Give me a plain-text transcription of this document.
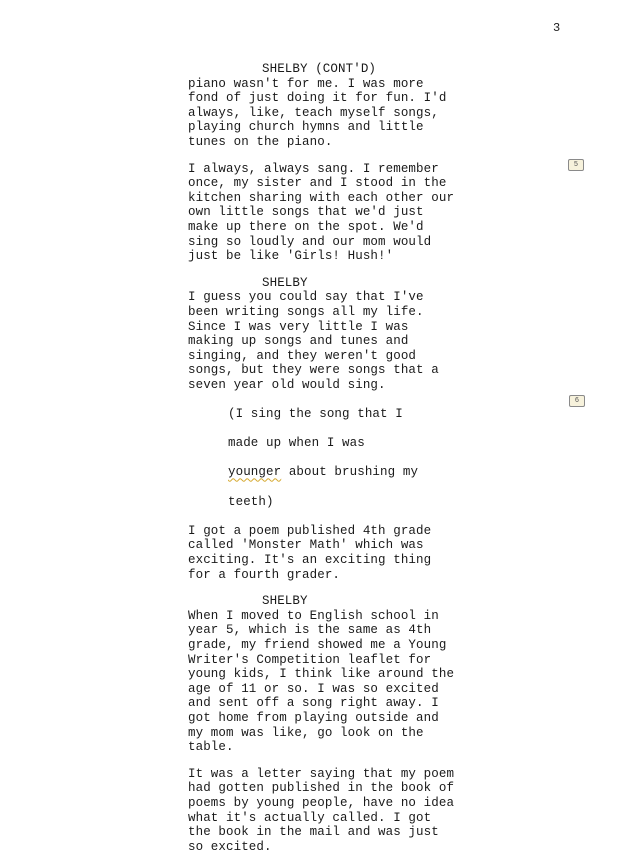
3
5
6
SHELBY (CONT'D)
piano wasn't for me. I was more
fond of just doing it for fun. I'd
always, like, teach myself songs,
playing church hymns and little
tunes on the piano.
I always, always sang. I remember
once, my sister and I stood in the
kitchen sharing with each other our
own little songs that we'd just
make up there on the spot. We'd
sing so loudly and our mom would
just be like 'Girls! Hush!'
SHELBY
I guess you could say that I've
been writing songs all my life.
Since I was very little I was
making up songs and tunes and
singing, and they weren't good
songs, but they were songs that a
seven year old would sing.

(I sing the song that I

made up when I was

younger about brushing my

teeth)

I got a poem published 4th grade
called 'Monster Math' which was
exciting. It's an exciting thing
for a fourth grader.
SHELBY
When I moved to English school in
year 5, which is the same as 4th
grade, my friend showed me a Young
Writer's Competition leaflet for
young kids, I think like around the
age of 11 or so. I was so excited
and sent off a song right away. I
got home from playing outside and
my mom was like, go look on the
table.
It was a letter saying that my poem
had gotten published in the book of
poems by young people, have no idea
what it's actually called. I got
the book in the mail and was just
so excited.
